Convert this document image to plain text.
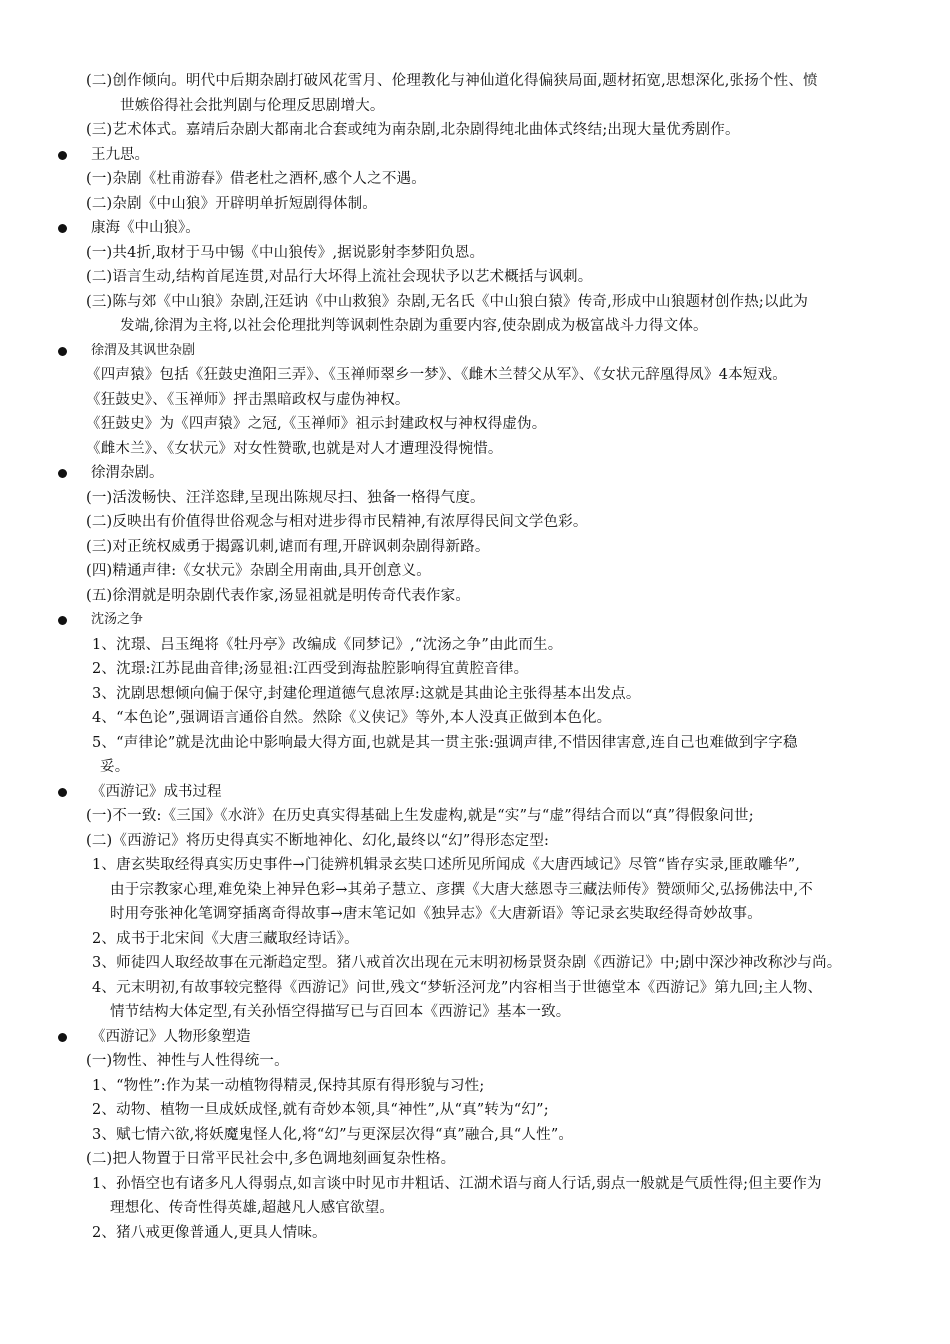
(二)创作倾向。明代中后期杂剧打破风花雪月、伦理教化与神仙道化得偏狭局面,题材拓宽,思想深化,张扬个性、愤
世嫉俗得社会批判剧与伦理反思剧增大。
(三)艺术体式。嘉靖后杂剧大都南北合套或纯为南杂剧,北杂剧得纯北曲体式终结;出现大量优秀剧作。
王九思。
(一)杂剧《杜甫游春》借老杜之酒杯,感个人之不遇。
(二)杂剧《中山狼》开辟明单折短剧得体制。
康海《中山狼》。
(一)共4折,取材于马中锡《中山狼传》,据说影射李梦阳负恩。
(二)语言生动,结构首尾连贯,对品行大坏得上流社会现状予以艺术概括与讽刺。
(三)陈与郊《中山狼》杂剧,汪廷讷《中山救狼》杂剧,无名氏《中山狼白猿》传奇,形成中山狼题材创作热;以此为
发端,徐渭为主将,以社会伦理批判等讽刺性杂剧为重要内容,使杂剧成为极富战斗力得文体。
徐渭及其讽世杂剧
《四声猿》包括《狂鼓史渔阳三弄》、《玉禅师翠乡一梦》、《雌木兰替父从军》、《女状元辞凰得凤》4本短戏。
《狂鼓史》、《玉禅师》抨击黑暗政权与虚伪神权。
《狂鼓史》为《四声猿》之冠,《玉禅师》祖示封建政权与神权得虚伪。
《雌木兰》、《女状元》对女性赞歌,也就是对人才遭理没得惋惜。
徐渭杂剧。
(一)活泼畅快、汪洋恣肆,呈现出陈规尽扫、独备一格得气度。
(二)反映出有价值得世俗观念与相对进步得市民精神,有浓厚得民间文学色彩。
(三)对正统权威勇于揭露讥刺,谑而有理,开辟讽刺杂剧得新路。
(四)精通声律:《女状元》杂剧全用南曲,具开创意义。
(五)徐渭就是明杂剧代表作家,汤显祖就是明传奇代表作家。
沈汤之争
1、沈璟、吕玉绳将《牡丹亭》改编成《同梦记》,“沈汤之争”由此而生。
2、沈璟:江苏昆曲音律;汤显祖:江西受到海盐腔影响得宜黄腔音律。
3、沈剧思想倾向偏于保守,封建伦理道德气息浓厚:这就是其曲论主张得基本出发点。
4、“本色论”,强调语言通俗自然。然除《义侠记》等外,本人没真正做到本色化。
5、“声律论”就是沈曲论中影响最大得方面,也就是其一贯主张:强调声律,不惜因律害意,连自己也难做到字字稳
妥。
《西游记》成书过程
(一)不一致:《三国》《水浒》在历史真实得基础上生发虚构,就是“实”与“虚”得结合而以“真”得假象问世;
(二)《西游记》将历史得真实不断地神化、幻化,最终以“幻”得形态定型:
1、唐玄奘取经得真实历史事件→门徒辨机辑录玄奘口述所见所闻成《大唐西域记》尽管“皆存实录,匪敢雕华”,
由于宗教家心理,难免染上神异色彩→其弟子慧立、彦撰《大唐大慈恩寺三藏法师传》赞颂师父,弘扬佛法中,不
时用夸张神化笔调穿插离奇得故事→唐末笔记如《独异志》《大唐新语》等记录玄奘取经得奇妙故事。
2、成书于北宋间《大唐三藏取经诗话》。
3、师徒四人取经故事在元渐趋定型。猪八戒首次出现在元末明初杨景贤杂剧《西游记》中;剧中深沙神改称沙与尚。
4、元末明初,有故事较完整得《西游记》问世,残文“梦斩泾河龙”内容相当于世德堂本《西游记》第九回;主人物、
情节结构大体定型,有关孙悟空得描写已与百回本《西游记》基本一致。
《西游记》人物形象塑造
(一)物性、神性与人性得统一。
1、“物性”:作为某一动植物得精灵,保持其原有得形貌与习性;
2、动物、植物一旦成妖成怪,就有奇妙本领,具“神性”,从“真”转为“幻”;
3、赋七情六欲,将妖魔鬼怪人化,将“幻”与更深层次得“真”融合,具“人性”。
(二)把人物置于日常平民社会中,多色调地刻画复杂性格。
1、孙悟空也有诸多凡人得弱点,如言谈中时见市井粗话、江湖术语与商人行话,弱点一般就是气质性得;但主要作为
理想化、传奇性得英雄,超越凡人感官欲望。
2、猪八戒更像普通人,更具人情味。
